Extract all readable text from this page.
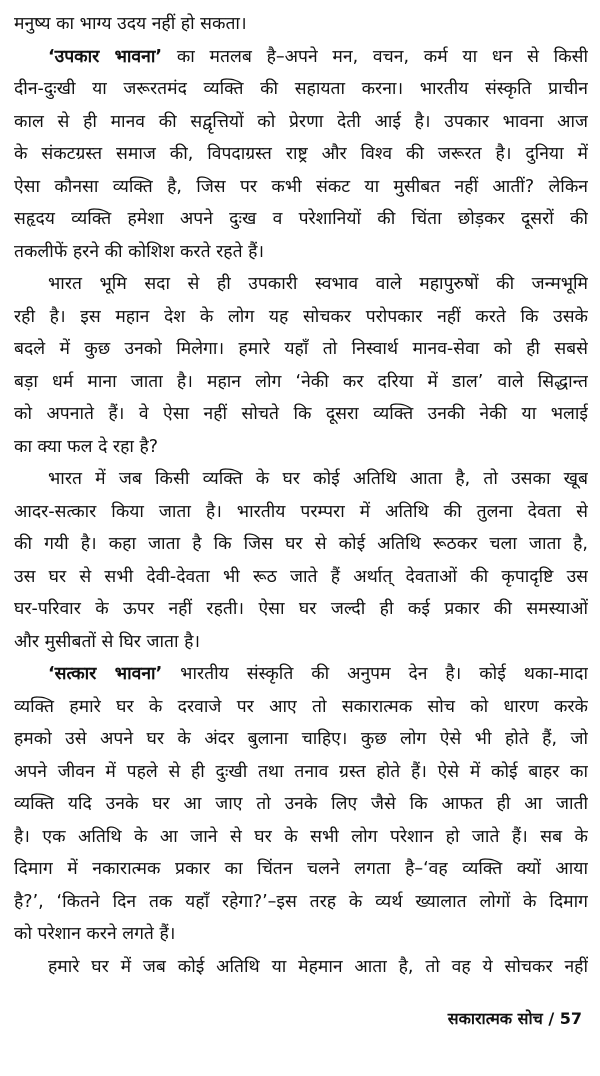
मनुष्य का भाग्य उदय नहीं हो सकता।
‘उपकार भावना’ का मतलब है–अपने मन, वचन, कर्म या धन से किसी
दीन-दुःखी या जरूरतमंद व्यक्ति की सहायता करना। भारतीय संस्कृति प्राचीन
काल से ही मानव की सद्वृत्तियों को प्रेरणा देती आई है। उपकार भावना आज
के संकटग्रस्त समाज की, विपदाग्रस्त राष्ट्र और विश्व की जरूरत है। दुनिया में
ऐसा कौनसा व्यक्ति है, जिस पर कभी संकट या मुसीबत नहीं आतीं? लेकिन
सहृदय व्यक्ति हमेशा अपने दुःख व परेशानियों की चिंता छोड़कर दूसरों की
तकलीफें हरने की कोशिश करते रहते हैं।
भारत भूमि सदा से ही उपकारी स्वभाव वाले महापुरुषों की जन्मभूमि
रही है। इस महान देश के लोग यह सोचकर परोपकार नहीं करते कि उसके
बदले में कुछ उनको मिलेगा। हमारे यहाँ तो निस्वार्थ मानव-सेवा को ही सबसे
बड़ा धर्म माना जाता है। महान लोग ‘नेकी कर दरिया में डाल’ वाले सिद्धान्त
को अपनाते हैं। वे ऐसा नहीं सोचते कि दूसरा व्यक्ति उनकी नेकी या भलाई
का क्या फल दे रहा है?
भारत में जब किसी व्यक्ति के घर कोई अतिथि आता है, तो उसका खूब
आदर-सत्कार किया जाता है। भारतीय परम्परा में अतिथि की तुलना देवता से
की गयी है। कहा जाता है कि जिस घर से कोई अतिथि रूठकर चला जाता है,
उस घर से सभी देवी-देवता भी रूठ जाते हैं अर्थात् देवताओं की कृपादृष्टि उस
घर-परिवार के ऊपर नहीं रहती। ऐसा घर जल्दी ही कई प्रकार की समस्याओं
और मुसीबतों से घिर जाता है।
‘सत्कार भावना’ भारतीय संस्कृति की अनुपम देन है। कोई थका-मादा
व्यक्ति हमारे घर के दरवाजे पर आए तो सकारात्मक सोच को धारण करके
हमको उसे अपने घर के अंदर बुलाना चाहिए। कुछ लोग ऐसे भी होते हैं, जो
अपने जीवन में पहले से ही दुःखी तथा तनाव ग्रस्त होते हैं। ऐसे में कोई बाहर का
व्यक्ति यदि उनके घर आ जाए तो उनके लिए जैसे कि आफत ही आ जाती
है। एक अतिथि के आ जाने से घर के सभी लोग परेशान हो जाते हैं। सब के
दिमाग में नकारात्मक प्रकार का चिंतन चलने लगता है–‘वह व्यक्ति क्यों आया
है?’, ‘कितने दिन तक यहाँ रहेगा?’–इस तरह के व्यर्थ ख्यालात लोगों के दिमाग
को परेशान करने लगते हैं।
हमारे घर में जब कोई अतिथि या मेहमान आता है, तो वह ये सोचकर नहीं
सकारात्मक सोच / 57
